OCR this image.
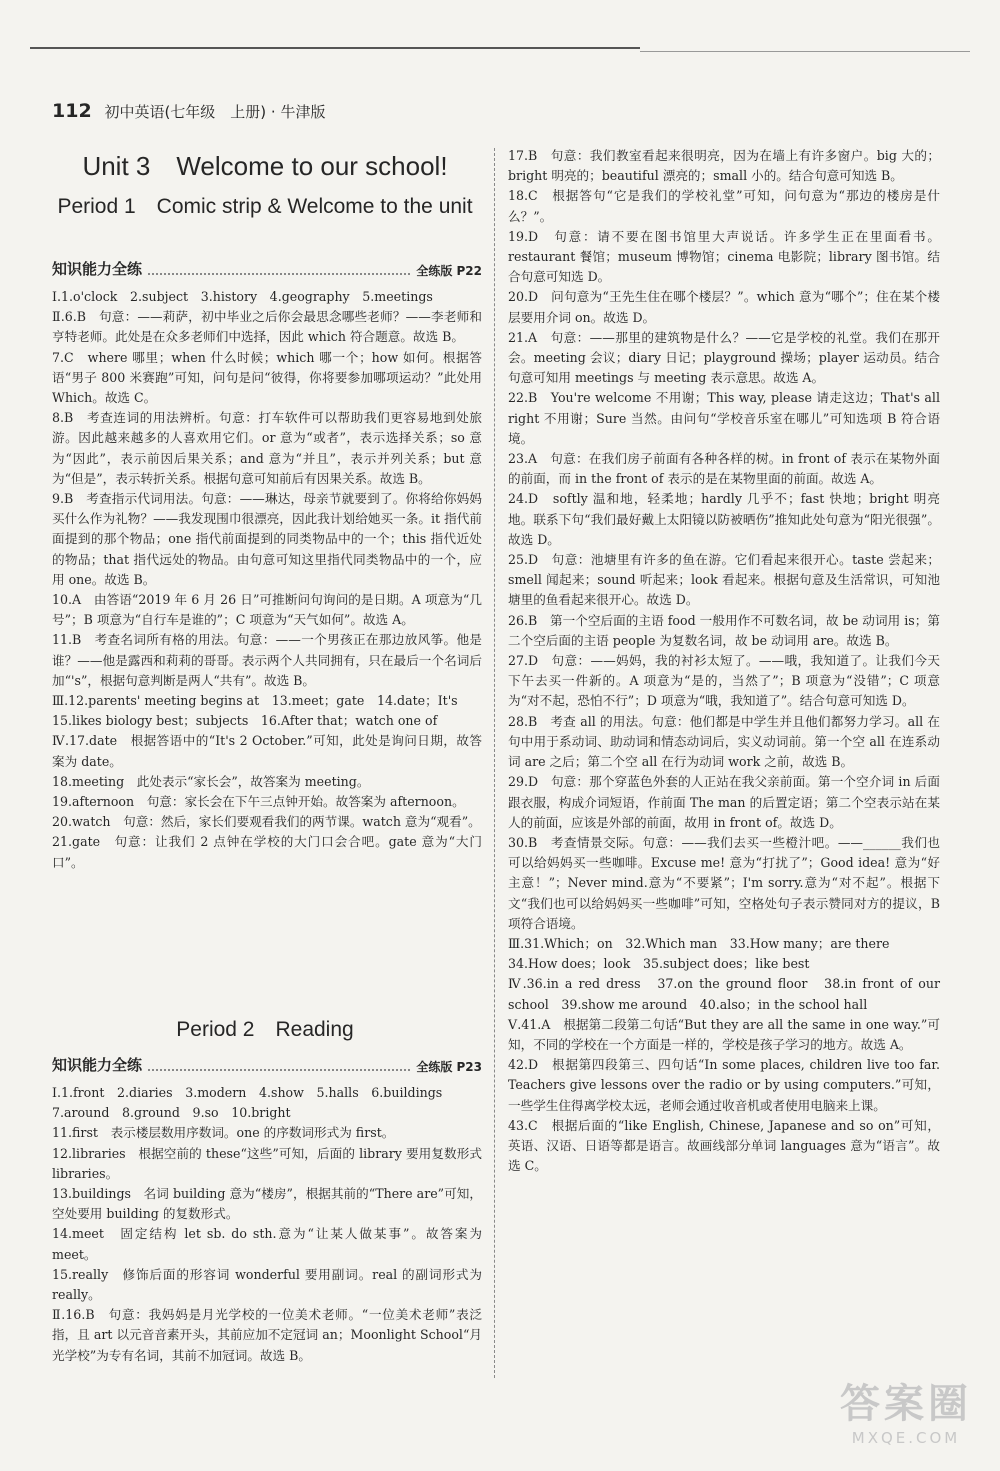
112 初中英语(七年级　上册) · 牛津版
Unit 3　Welcome to our school!
Period 1　Comic strip & Welcome to the unit
知识能力全练	全练版 P22

Ⅰ.1.o'clock　2.subject　3.history　4.geography　5.meetings

Ⅱ.6.B　句意：——莉萨，初中毕业之后你会最思念哪些老师？——李老师和亨特老师。此处是在众多老师们中选择，因此 which 符合题意。故选 B。

7.C　where 哪里；when 什么时候；which 哪一个；how 如何。根据答语“男子 800 米赛跑”可知，问句是问“彼得，你将要参加哪项运动？”此处用 Which。故选 C。

8.B　考查连词的用法辨析。句意：打车软件可以帮助我们更容易地到处旅游。因此越来越多的人喜欢用它们。or 意为“或者”，表示选择关系；so 意为“因此”，表示前因后果关系；and 意为“并且”，表示并列关系；but 意为“但是”，表示转折关系。根据句意可知前后有因果关系。故选 B。

9.B　考查指示代词用法。句意：——琳达，母亲节就要到了。你将给你妈妈买什么作为礼物？——我发现围巾很漂亮，因此我计划给她买一条。it 指代前面提到的那个物品；one 指代前面提到的同类物品中的一个；this 指代近处的物品；that 指代远处的物品。由句意可知这里指代同类物品中的一个，应用 one。故选 B。

10.A　由答语“2019 年 6 月 26 日”可推断问句询问的是日期。A 项意为“几号”；B 项意为“自行车是谁的”；C 项意为“天气如何”。故选 A。

11.B　考查名词所有格的用法。句意：——一个男孩正在那边放风筝。他是谁？——他是露西和莉莉的哥哥。表示两个人共同拥有，只在最后一个名词后加“'s”，根据句意判断是两人“共有”。故选 B。

Ⅲ.12.parents' meeting begins at　13.meet；gate　14.date；It's

15.likes biology best；subjects　16.After that；watch one of

Ⅳ.17.date　根据答语中的“It's 2 October.”可知，此处是询问日期，故答案为 date。

18.meeting　此处表示“家长会”，故答案为 meeting。

19.afternoon　句意：家长会在下午三点钟开始。故答案为 afternoon。

20.watch　句意：然后，家长们要观看我们的两节课。watch 意为“观看”。

21.gate　句意：让我们 2 点钟在学校的大门口会合吧。gate 意为“大门口”。

Period 2　Reading
知识能力全练	全练版 P23

Ⅰ.1.front　2.diaries　3.modern　4.show　5.halls　6.buildings

7.around　8.ground　9.so　10.bright

11.first　表示楼层数用序数词。one 的序数词形式为 first。

12.libraries　根据空前的 these“这些”可知，后面的 library 要用复数形式 libraries。

13.buildings　名词 building 意为“楼房”，根据其前的“There are”可知，空处要用 building 的复数形式。

14.meet　固定结构 let sb. do sth.意为“让某人做某事”。故答案为 meet。

15.really　修饰后面的形容词 wonderful 要用副词。real 的副词形式为 really。

Ⅱ.16.B　句意：我妈妈是月光学校的一位美术老师。“一位美术老师”表泛指，且 art 以元音音素开头，其前应加不定冠词 an；Moonlight School“月光学校”为专有名词，其前不加冠词。故选 B。

17.B　句意：我们教室看起来很明亮，因为在墙上有许多窗户。big 大的；bright 明亮的；beautiful 漂亮的；small 小的。结合句意可知选 B。

18.C　根据答句“它是我们的学校礼堂”可知，问句意为“那边的楼房是什么？”。

19.D　句意：请不要在图书馆里大声说话。许多学生正在里面看书。restaurant 餐馆；museum 博物馆；cinema 电影院；library 图书馆。结合句意可知选 D。

20.D　问句意为“王先生住在哪个楼层？”。which 意为“哪个”；住在某个楼层要用介词 on。故选 D。

21.A　句意：——那里的建筑物是什么？——它是学校的礼堂。我们在那开会。meeting 会议；diary 日记；playground 操场；player 运动员。结合句意可知用 meetings 与 meeting 表示意思。故选 A。

22.B　You're welcome 不用谢；This way, please 请走这边；That's all right 不用谢；Sure 当然。由问句“学校音乐室在哪儿”可知选项 B 符合语境。

23.A　句意：在我们房子前面有各种各样的树。in front of 表示在某物外面的前面，而 in the front of 表示的是在某物里面的前面。故选 A。

24.D　softly 温和地，轻柔地；hardly 几乎不；fast 快地；bright 明亮地。联系下句“我们最好戴上太阳镜以防被晒伤”推知此处句意为“阳光很强”。故选 D。

25.D　句意：池塘里有许多的鱼在游。它们看起来很开心。taste 尝起来；smell 闻起来；sound 听起来；look 看起来。根据句意及生活常识，可知池塘里的鱼看起来很开心。故选 D。

26.B　第一个空后面的主语 food 一般用作不可数名词，故 be 动词用 is；第二个空后面的主语 people 为复数名词，故 be 动词用 are。故选 B。

27.D　句意：——妈妈，我的衬衫太短了。——哦，我知道了。让我们今天下午去买一件新的。A 项意为“是的，当然了”；B 项意为“没错”；C 项意为“对不起，恐怕不行”；D 项意为“哦，我知道了”。结合句意可知选 D。

28.B　考查 all 的用法。句意：他们都是中学生并且他们都努力学习。all 在句中用于系动词、助动词和情态动词后，实义动词前。第一个空 all 在连系动词 are 之后；第二个空 all 在行为动词 work 之前，故选 B。

29.D　句意：那个穿蓝色外套的人正站在我父亲前面。第一个空介词 in 后面跟衣服，构成介词短语，作前面 The man 的后置定语；第二个空表示站在某人的前面，应该是外部的前面，故用 in front of。故选 D。

30.B　考查情景交际。句意：——我们去买一些橙汁吧。——______我们也可以给妈妈买一些咖啡。Excuse me! 意为“打扰了”；Good idea! 意为“好主意！”；Never mind.意为“不要紧”；I'm sorry.意为“对不起”。根据下文“我们也可以给妈妈买一些咖啡”可知，空格处句子表示赞同对方的提议，B 项符合语境。

Ⅲ.31.Which；on　32.Which man　33.How many；are there

34.How does；look　35.subject does；like best

Ⅳ.36.in a red dress　37.on the ground floor　38.in front of our school　39.show me around　40.also；in the school hall

Ⅴ.41.A　根据第二段第二句话“But they are all the same in one way.”可知，不同的学校在一个方面是一样的，学校是孩子学习的地方。故选 A。

42.D　根据第四段第三、四句话“In some places, children live too far. Teachers give lessons over the radio or by using computers.”可知，一些学生住得离学校太远，老师会通过收音机或者使用电脑来上课。

43.C　根据后面的“like English, Chinese, Japanese and so on”可知，英语、汉语、日语等都是语言。故画线部分单词 languages 意为“语言”。故选 C。

答案圈
MXQE.COM
